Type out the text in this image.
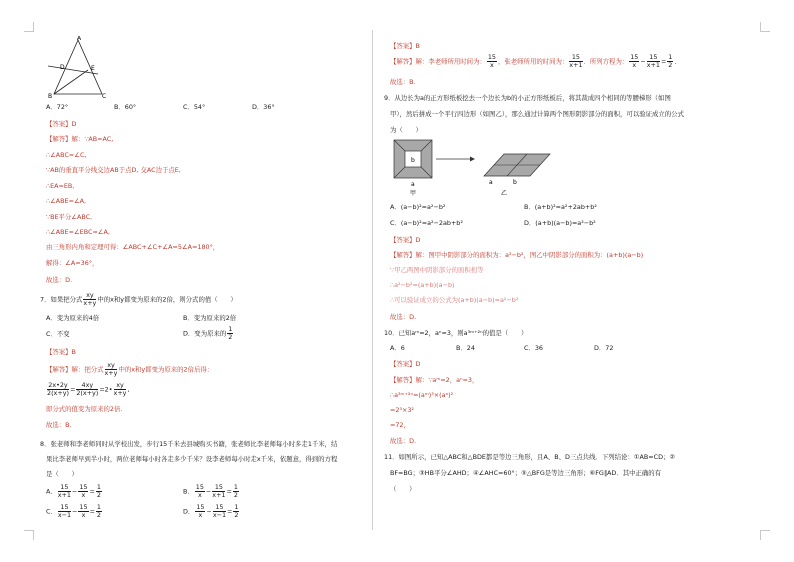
A
D	E
B	C
A．72°	B．60°	C．54°	D．36°
【答案】D
【解答】解：∵AB=AC,
∴∠ABC=∠C,
∵AB的垂直平分线交边AB于点D, 交AC边于点E,
∴EA=EB,
∴∠ABE=∠A,
∵BE平分∠ABC,
∴∠ABE=∠EBC=∠A,
由三角形内角和定理可得：∠ABC+∠C+∠A=5∠A=180°，
解得：∠A=36°，
故选：D.
7．如果把分式 $\frac{xy}{x+y}$ 中的x和y都变为原来的2倍，则分式的值（　　）
A．变为原来的4倍	B．变为原来的2倍
C．不变	D．变为原来的 $\frac{1}{2}$
【答案】B
【解答】解：把分式 $\frac{xy}{x+y}$ 中的x和y都变为原来的2倍后得：
$\frac{2x•2y}{2(x+y)} = \frac{4xy}{2(x+y)}$ =2• $\frac{xy}{x+y}$ ,
即分式的值变为原来的2倍.
故选：B.
8．张老师和李老师同时从学校出发，步行15千米去县城购买书籍，张老师比李老师每小时多走1千米，结
果比李老师早到半小时，两位老师每小时各走多少千米？设李老师每小时走x千米，依题意，得到的方程
是（　　）
A． $\frac{15}{x+1} - \frac{15}{x} = \frac{1}{2}$	B． $\frac{15}{x} - \frac{15}{x+1} = \frac{1}{2}$
C． $\frac{15}{x-1} - \frac{15}{x} = \frac{1}{2}$	D． $\frac{15}{x} - \frac{15}{x-1} = \frac{1}{2}$
【答案】B
【解答】解：李老师所用时间为： $\frac{15}{x}$ ，张老师所用的时间为： $\frac{15}{x+1}$ ．所列方程为： $\frac{15}{x} - \frac{15}{x+1} = \frac{1}{2}$ ．
故选：B.
9．从边长为a的正方形纸板挖去一个边长为b的小正方形纸板后，将其裁成四个相同的等腰梯形（如图
甲），然后拼成一个平行四边形（如图乙），那么通过计算两个图形阴影部分的面积，可以验证成立的公式
为（　　）
b
a
甲
a	b
乙
A．(a−b)²=a²−b²	B．(a+b)²=a²+2ab+b²
C．(a−b)²=a²−2ab+b²	D．(a+b)(a−b)=a²−b²
【答案】D
【解答】解：图甲中阴影部分的面积为：a²−b²，图乙中阴影部分的面积为：(a+b)(a−b)
∵甲乙两图中阴影部分的面积相等
∴a²−b²=(a+b)(a−b)
∴可以验证成立的公式为(a+b)(a−b)=a²−b²
故选：D.
10．已知aᵐ=2，aⁿ=3，则a³ᵐ⁺²ⁿ的值是（　　）
A．6	B．24	C．36	D．72
【答案】D
【解答】解：∵aᵐ=2，aⁿ=3，
∴a³ᵐ⁺²ⁿ=(aᵐ)³×(aⁿ)²
=2³×3²
=72，
故选：D.
11．如图所示，已知△ABC和△BDE都是等边三角形，且A、B、D三点共线．下列结论：①AB=CD；②
BF=BG；③HB平分∠AHD；④∠AHC=60°；⑤△BFG是等边三角形；⑥FG∥AD．其中正确的有
（　　）
